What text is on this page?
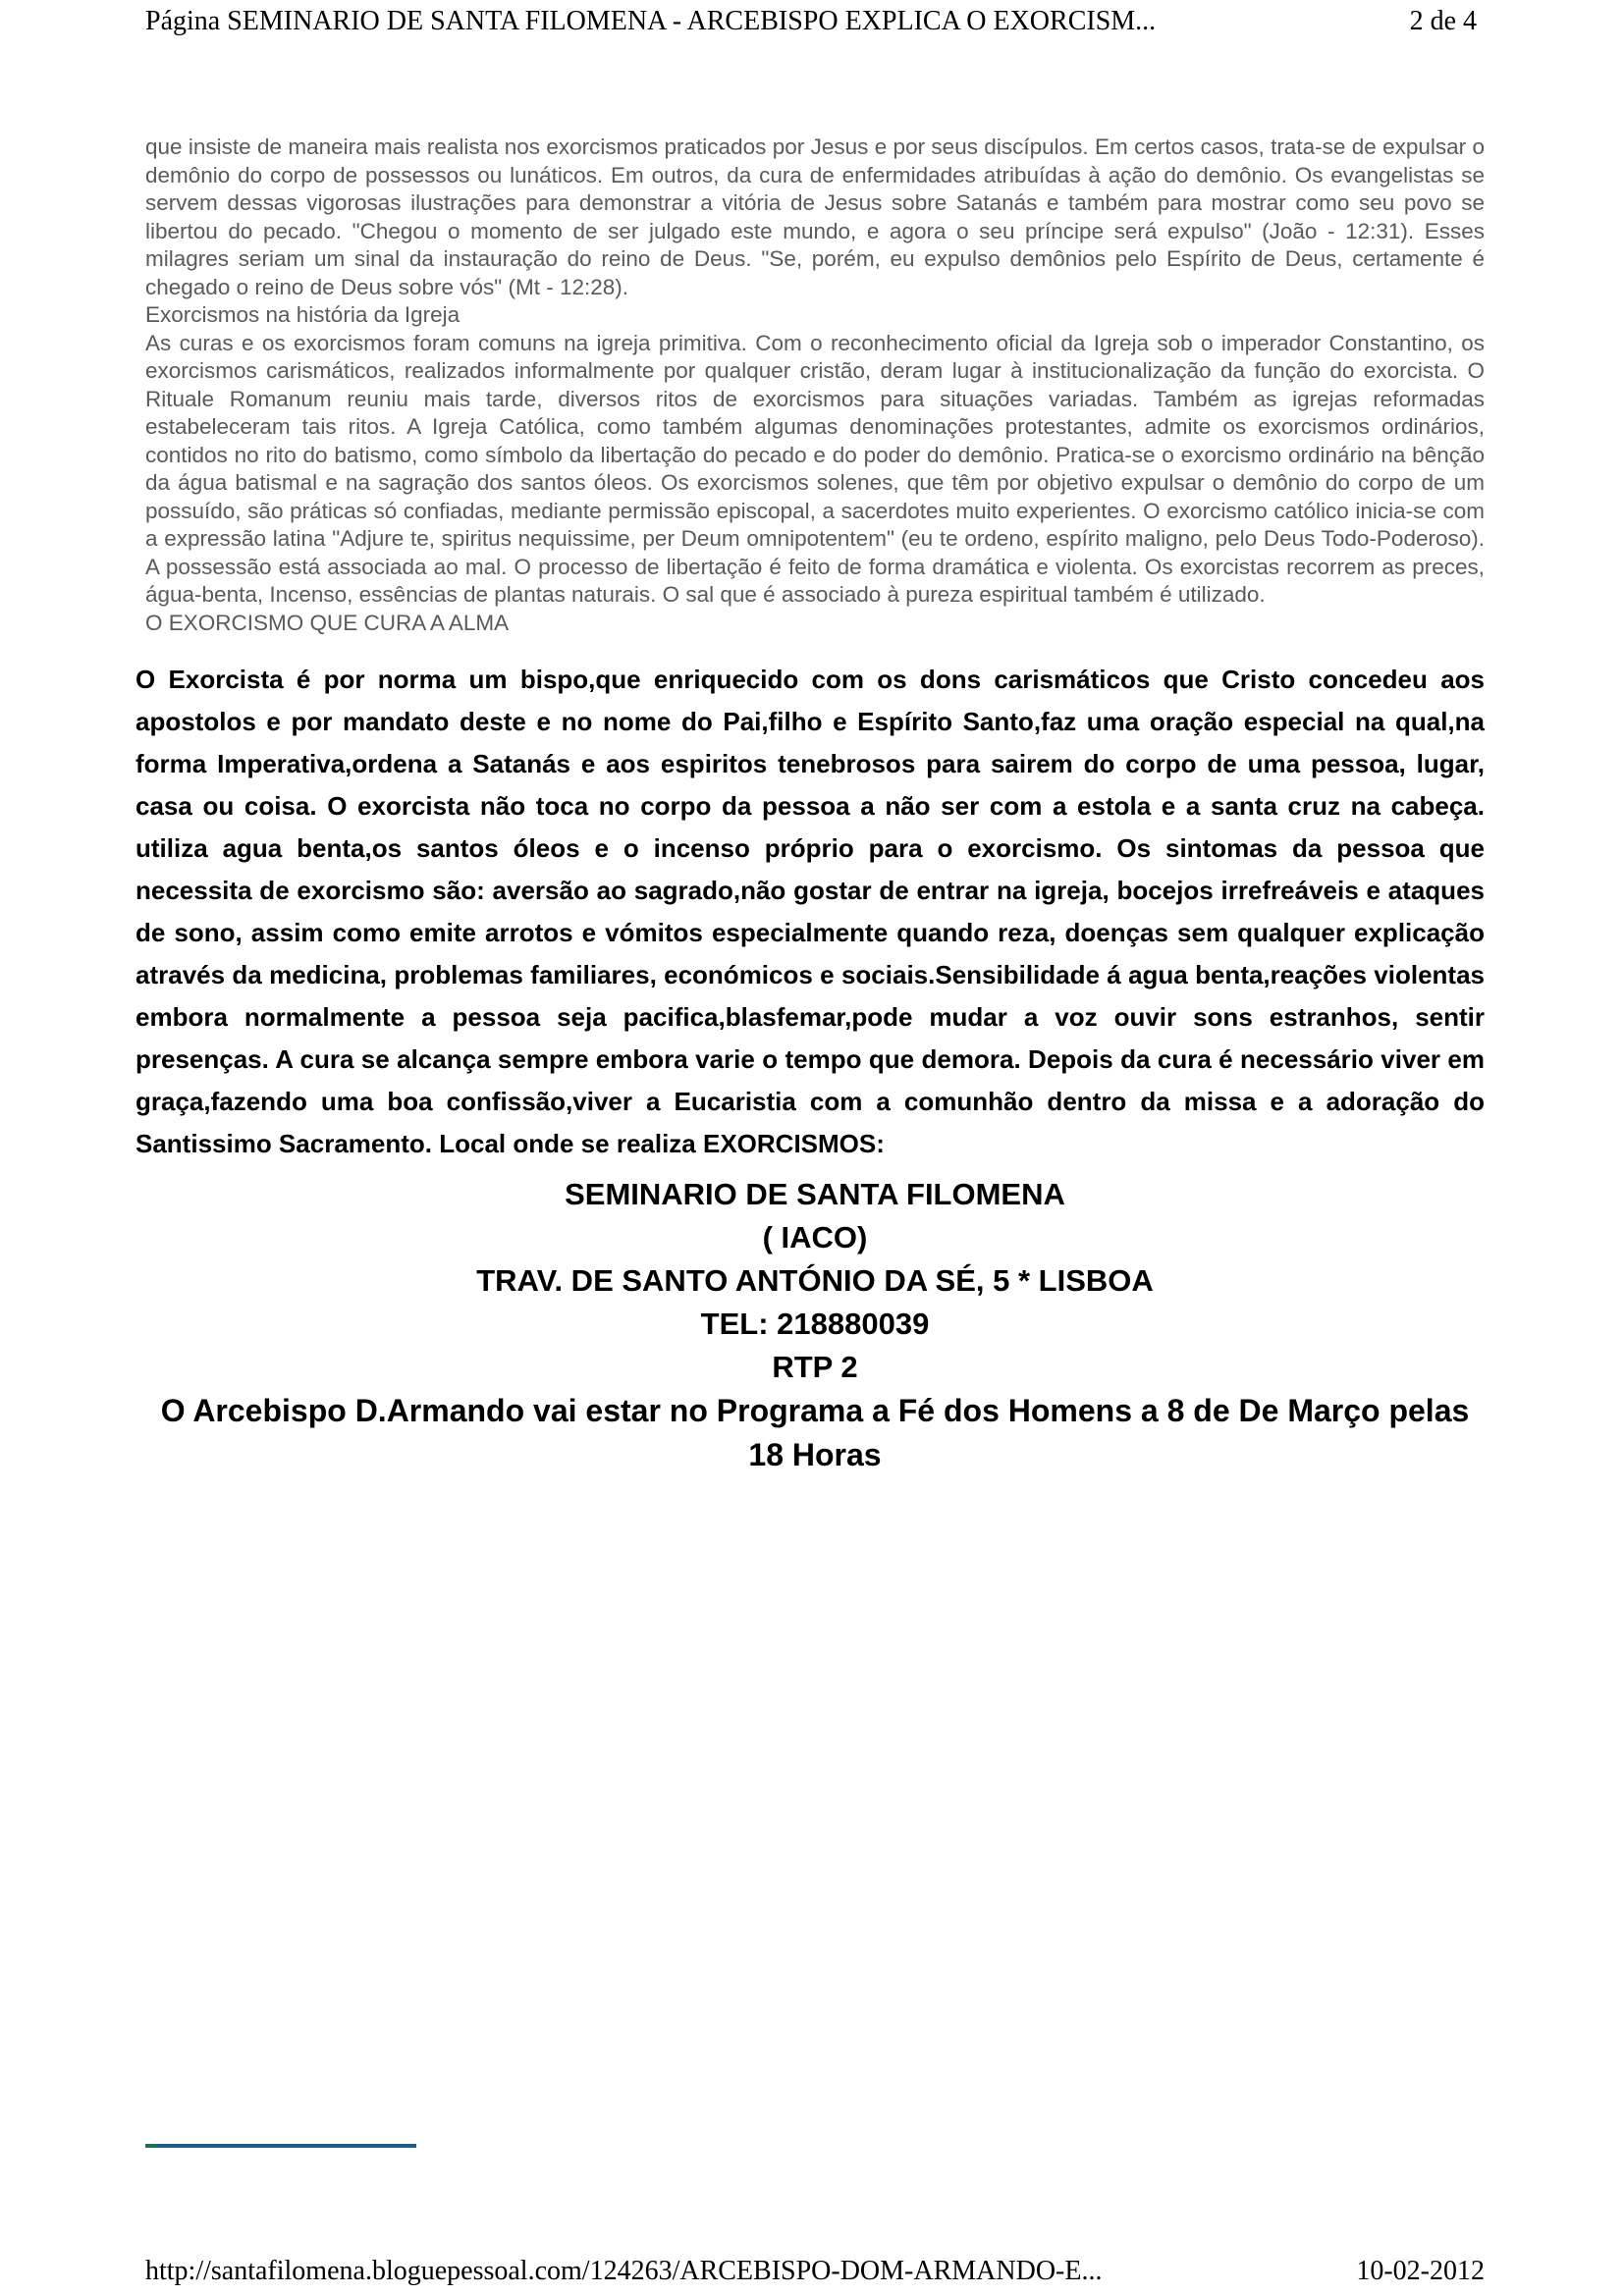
Página SEMINARIO DE SANTA FILOMENA - ARCEBISPO EXPLICA O EXORCISM...	2 de 4

que insiste de maneira mais realista nos exorcismos praticados por Jesus e por seus discípulos. Em certos casos, trata-se de expulsar o demônio do corpo de possessos ou lunáticos. Em outros, da cura de enfermidades atribuídas à ação do demônio. Os evangelistas se servem dessas vigorosas ilustrações para demonstrar a vitória de Jesus sobre Satanás e também para mostrar como seu povo se libertou do pecado. "Chegou o momento de ser julgado este mundo, e agora o seu príncipe será expulso" (João - 12:31). Esses milagres seriam um sinal da instauração do reino de Deus. "Se, porém, eu expulso demônios pelo Espírito de Deus, certamente é chegado o reino de Deus sobre vós" (Mt - 12:28).

Exorcismos na história da Igreja

As curas e os exorcismos foram comuns na igreja primitiva. Com o reconhecimento oficial da Igreja sob o imperador Constantino, os exorcismos carismáticos, realizados informalmente por qualquer cristão, deram lugar à institucionalização da função do exorcista. O Rituale Romanum reuniu mais tarde, diversos ritos de exorcismos para situações variadas. Também as igrejas reformadas estabeleceram tais ritos. A Igreja Católica, como também algumas denominações protestantes, admite os exorcismos ordinários, contidos no rito do batismo, como símbolo da libertação do pecado e do poder do demônio. Pratica-se o exorcismo ordinário na bênção da água batismal e na sagração dos santos óleos. Os exorcismos solenes, que têm por objetivo expulsar o demônio do corpo de um possuído, são práticas só confiadas, mediante permissão episcopal, a sacerdotes muito experientes. O exorcismo católico inicia-se com a expressão latina "Adjure te, spiritus nequissime, per Deum omnipotentem" (eu te ordeno, espírito maligno, pelo Deus Todo-Poderoso). A possessão está associada ao mal. O processo de libertação é feito de forma dramática e violenta. Os exorcistas recorrem as preces, água-benta, Incenso, essências de plantas naturais. O sal que é associado à pureza espiritual também é utilizado.

O EXORCISMO QUE CURA A ALMA

O Exorcista é por norma um bispo,que enriquecido com os dons carismáticos que Cristo concedeu aos apostolos e por mandato deste e no nome do Pai,filho e Espírito Santo,faz uma oração especial na qual,na forma Imperativa,ordena a Satanás e aos espiritos tenebrosos para sairem do corpo de uma pessoa, lugar, casa ou coisa. O exorcista não toca no corpo da pessoa a não ser com a estola e a santa cruz na cabeça. utiliza agua benta,os santos óleos e o incenso próprio para o exorcismo. Os sintomas da pessoa que necessita de exorcismo são: aversão ao sagrado,não gostar de entrar na igreja, bocejos irrefreáveis e ataques de sono, assim como emite arrotos e vómitos especialmente quando reza, doenças sem qualquer explicação através da medicina, problemas familiares, económicos e sociais.Sensibilidade á agua benta,reações violentas embora normalmente a pessoa seja pacifica,blasfemar,pode mudar a voz ouvir sons estranhos, sentir presenças. A cura se alcança sempre embora varie o tempo que demora. Depois da cura é necessário viver em graça,fazendo uma boa confissão,viver a Eucaristia com a comunhão dentro da missa e a adoração do Santissimo Sacramento. Local onde se realiza EXORCISMOS:

SEMINARIO DE SANTA FILOMENA
( IACO)
TRAV. DE SANTO ANTÓNIO DA SÉ, 5 * LISBOA
TEL: 218880039
RTP 2
O Arcebispo D.Armando vai estar no Programa a Fé dos Homens a 8 de De Março pelas 18 Horas
http://santafilomena.bloguepessoal.com/124263/ARCEBISPO-DOM-ARMANDO-E...	10-02-2012
